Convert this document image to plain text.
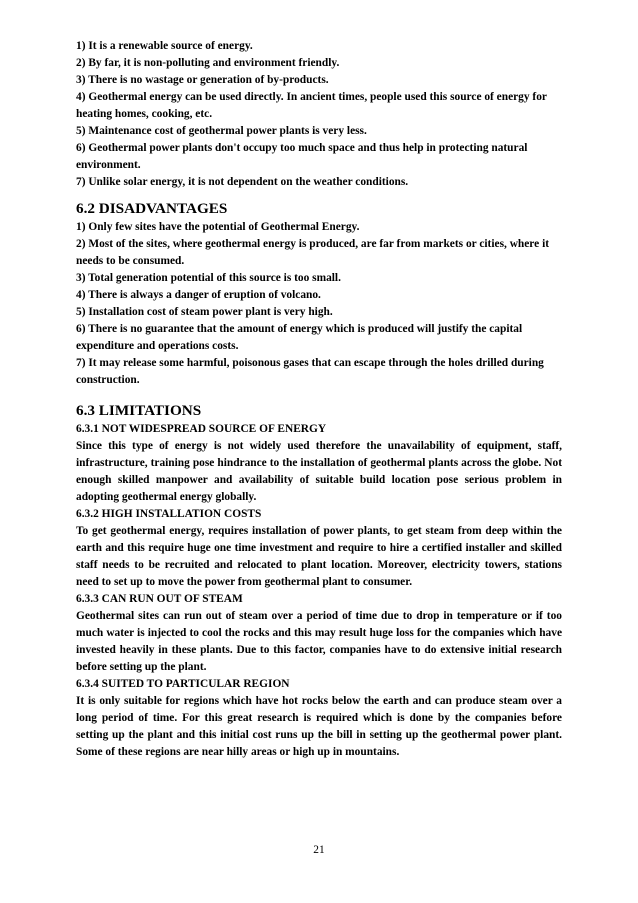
1) It is a renewable source of energy.

2) By far, it is non-polluting and environment friendly.

3) There is no wastage or generation of by-products.

4) Geothermal energy can be used directly. In ancient times, people used this source of energy for heating homes, cooking, etc.

5) Maintenance cost of geothermal power plants is very less.

6) Geothermal power plants don't occupy too much space and thus help in protecting natural environment.

7) Unlike solar energy, it is not dependent on the weather conditions.

6.2 DISADVANTAGES

1) Only few sites have the potential of Geothermal Energy.

2) Most of the sites, where geothermal energy is produced, are far from markets or cities, where it needs to be consumed.

3) Total generation potential of this source is too small.

4) There is always a danger of eruption of volcano.

5) Installation cost of steam power plant is very high.

6) There is no guarantee that the amount of energy which is produced will justify the capital expenditure and operations costs.

7) It may release some harmful, poisonous gases that can escape through the holes drilled during construction.

6.3 LIMITATIONS
6.3.1 NOT WIDESPREAD SOURCE OF ENERGY

Since this type of energy is not widely used therefore the unavailability of equipment, staff, infrastructure, training pose hindrance to the installation of geothermal plants across the globe. Not enough skilled manpower and availability of suitable build location pose serious problem in adopting geothermal energy globally.

6.3.2 HIGH INSTALLATION COSTS

To get geothermal energy, requires installation of power plants, to get steam from deep within the earth and this require huge one time investment and require to hire a certified installer and skilled staff needs to be recruited and relocated to plant location. Moreover, electricity towers, stations need to set up to move the power from geothermal plant to consumer.

6.3.3 CAN RUN OUT OF STEAM

Geothermal sites can run out of steam over a period of time due to drop in temperature or if too much water is injected to cool the rocks and this may result huge loss for the companies which have invested heavily in these plants. Due to this factor, companies have to do extensive initial research before setting up the plant.

6.3.4 SUITED TO PARTICULAR REGION

It is only suitable for regions which have hot rocks below the earth and can produce steam over a long period of time. For this great research is required which is done by the companies before setting up the plant and this initial cost runs up the bill in setting up the geothermal power plant. Some of these regions are near hilly areas or high up in mountains.

21
